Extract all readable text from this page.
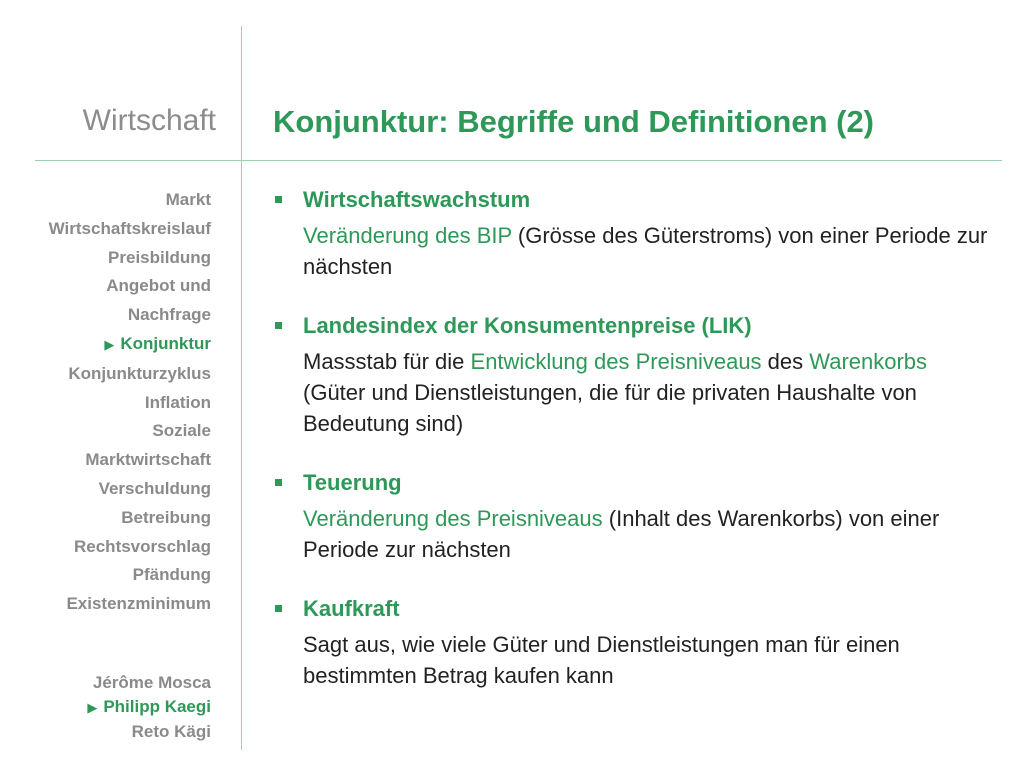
Wirtschaft Konjunktur: Begriffe und Definitionen (2)
Markt
Wirtschaftskreislauf
Preisbildung
Angebot und
Nachfrage
▶ Konjunktur
Konjunkturzyklus
Inflation
Soziale
Marktwirtschaft
Verschuldung
Betreibung
Rechtsvorschlag
Pfändung
Existenzminimum
Jérôme Mosca
▶ Philipp Kaegi
Reto Kägi
Wirtschaftswachstum
Veränderung des BIP (Grösse des Güterstroms) von einer Periode zur nächsten
Landesindex der Konsumentenpreise (LIK)
Massstab für die Entwicklung des Preisniveaus des Warenkorbs (Güter und Dienstleistungen, die für die privaten Haushalte von Bedeutung sind)
Teuerung
Veränderung des Preisniveaus (Inhalt des Warenkorbs) von einer Periode zur nächsten
Kaufkraft
Sagt aus, wie viele Güter und Dienstleistungen man für einen bestimmten Betrag kaufen kann
